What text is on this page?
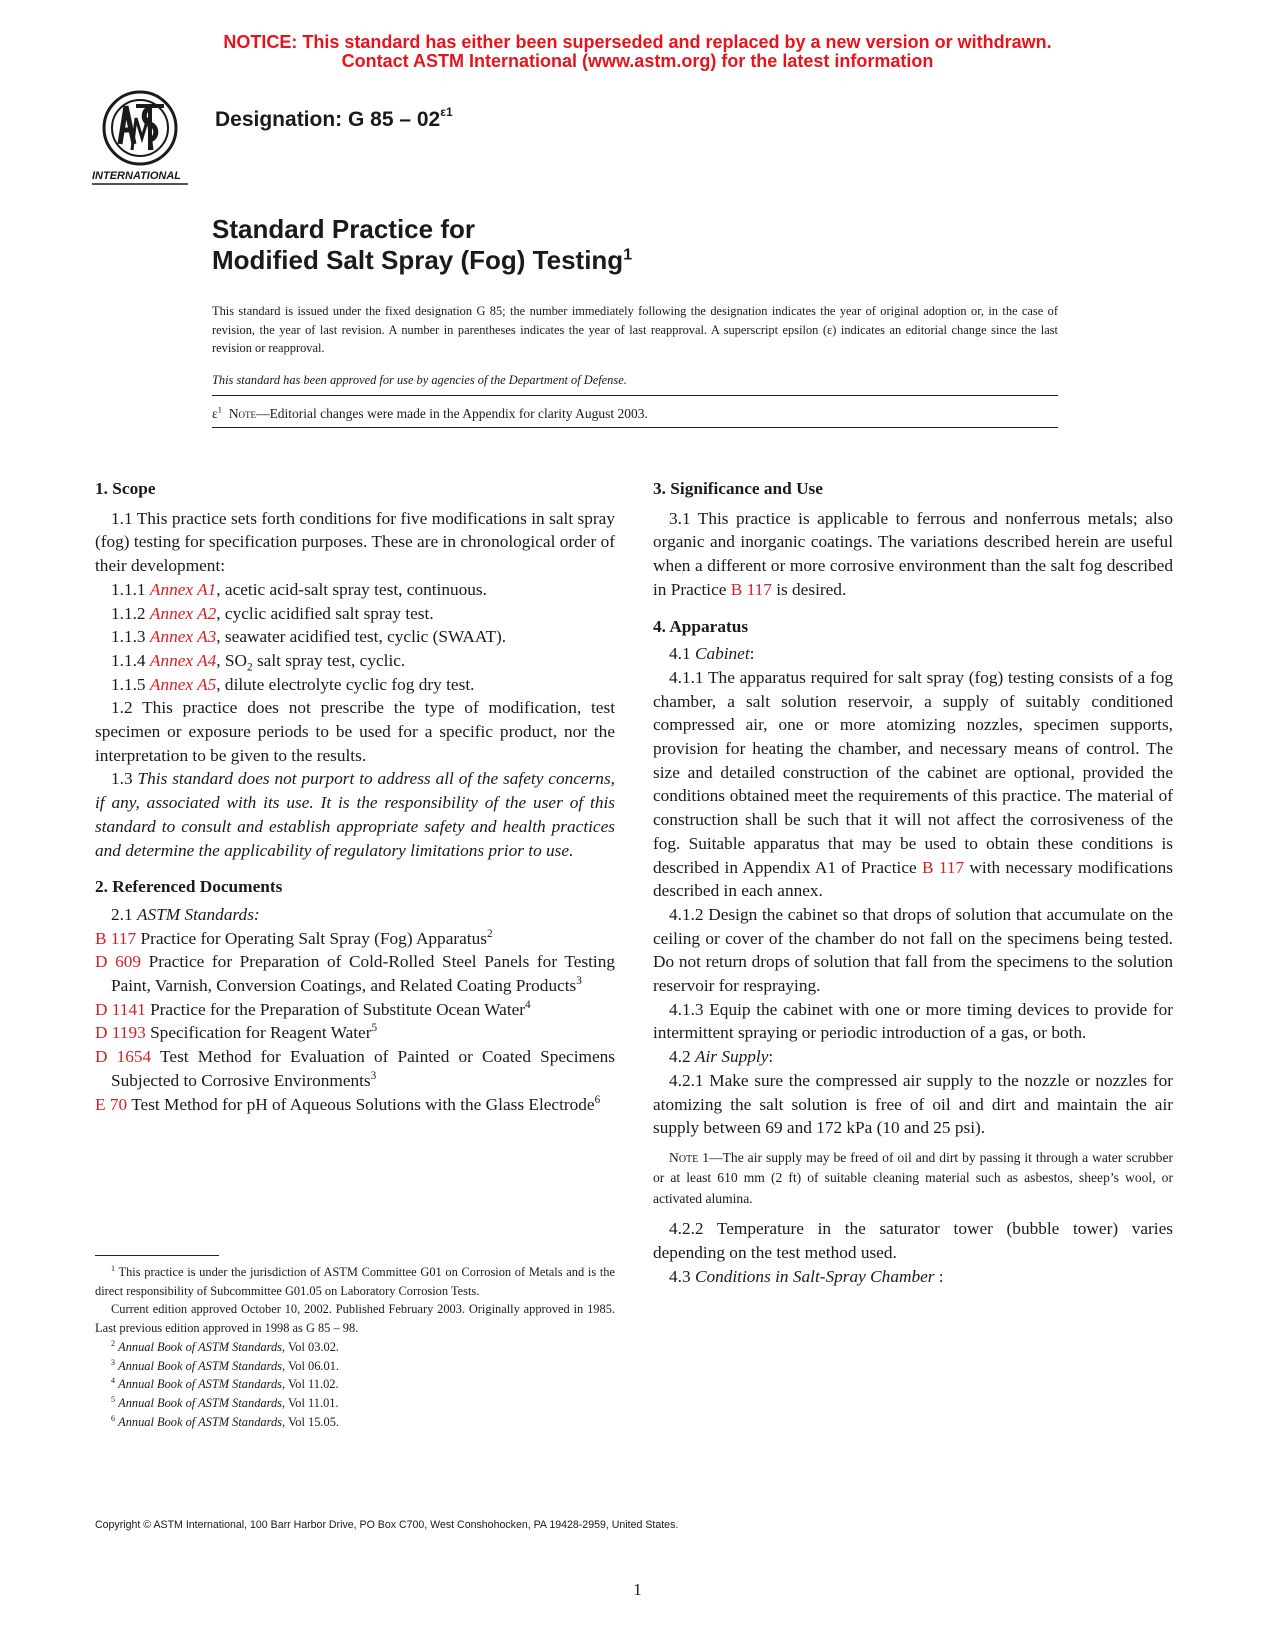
NOTICE: This standard has either been superseded and replaced by a new version or withdrawn.
Contact ASTM International (www.astm.org) for the latest information
INTERNATIONAL
Designation: G $85 - 02^{\varepsilon 1}$
Standard Practice for
Modified Salt Spray (Fog) Testing$^1$
This standard is issued under the fixed designation G 85; the number immediately following the designation indicates the year of original adoption or, in the case of revision, the year of last revision. A number in parentheses indicates the year of last reapproval. A superscript epsilon (ε) indicates an editorial change since the last revision or reapproval.
This standard has been approved for use by agencies of the Department of Defense.
$\varepsilon^1$ Note—Editorial changes were made in the Appendix for clarity August 2003.
1. Scope

1.1 This practice sets forth conditions for five modifications in salt spray (fog) testing for specification purposes. These are in chronological order of their development:

1.1.1 Annex A1, acetic acid-salt spray test, continuous.

1.1.2 Annex A2, cyclic acidified salt spray test.

1.1.3 Annex A3, seawater acidified test, cyclic (SWAAT).

1.1.4 Annex A4, $SO_2$ salt spray test, cyclic.

1.1.5 Annex A5, dilute electrolyte cyclic fog dry test.

1.2 This practice does not prescribe the type of modification, test specimen or exposure periods to be used for a specific product, nor the interpretation to be given to the results.

1.3 This standard does not purport to address all of the safety concerns, if any, associated with its use. It is the responsibility of the user of this standard to consult and establish appropriate safety and health practices and determine the applicability of regulatory limitations prior to use.

2. Referenced Documents

2.1 ASTM Standards:

B 117 Practice for Operating Salt Spray (Fog) Apparatus$^2$
D 609 Practice for Preparation of Cold-Rolled Steel Panels for Testing Paint, Varnish, Conversion Coatings, and Related Coating Products$^3$
D 1141 Practice for the Preparation of Substitute Ocean Water$^4$
D 1193 Specification for Reagent Water$^5$
D 1654 Test Method for Evaluation of Painted or Coated Specimens Subjected to Corrosive Environments$^3$
E 70 Test Method for pH of Aqueous Solutions with the Glass Electrode$^6$

$^1$ This practice is under the jurisdiction of ASTM Committee G01 on Corrosion of Metals and is the direct responsibility of Subcommittee G01.05 on Laboratory Corrosion Tests.

Current edition approved October 10, 2002. Published February 2003. Originally approved in 1985. Last previous edition approved in 1998 as G 85 – 98.

$^2$ Annual Book of ASTM Standards, Vol 03.02.

$^3$ Annual Book of ASTM Standards, Vol 06.01.

$^4$ Annual Book of ASTM Standards, Vol 11.02.

$^5$ Annual Book of ASTM Standards, Vol 11.01.

$^6$ Annual Book of ASTM Standards, Vol 15.05.

3. Significance and Use

3.1 This practice is applicable to ferrous and nonferrous metals; also organic and inorganic coatings. The variations described herein are useful when a different or more corrosive environment than the salt fog described in Practice B 117 is desired.

4. Apparatus

4.1 Cabinet:

4.1.1 The apparatus required for salt spray (fog) testing consists of a fog chamber, a salt solution reservoir, a supply of suitably conditioned compressed air, one or more atomizing nozzles, specimen supports, provision for heating the chamber, and necessary means of control. The size and detailed construction of the cabinet are optional, provided the conditions obtained meet the requirements of this practice. The material of construction shall be such that it will not affect the corrosiveness of the fog. Suitable apparatus that may be used to obtain these conditions is described in Appendix A1 of Practice B 117 with necessary modifications described in each annex.

4.1.2 Design the cabinet so that drops of solution that accumulate on the ceiling or cover of the chamber do not fall on the specimens being tested. Do not return drops of solution that fall from the specimens to the solution reservoir for respraying.

4.1.3 Equip the cabinet with one or more timing devices to provide for intermittent spraying or periodic introduction of a gas, or both.

4.2 Air Supply:

4.2.1 Make sure the compressed air supply to the nozzle or nozzles for atomizing the salt solution is free of oil and dirt and maintain the air supply between 69 and 172 kPa (10 and 25 psi).

Note 1—The air supply may be freed of oil and dirt by passing it through a water scrubber or at least 610 mm (2 ft) of suitable cleaning material such as asbestos, sheep’s wool, or activated alumina.

4.2.2 Temperature in the saturator tower (bubble tower) varies depending on the test method used.

4.3 Conditions in Salt-Spray Chamber :

Copyright © ASTM International, 100 Barr Harbor Drive, PO Box C700, West Conshohocken, PA 19428-2959, United States.
1
